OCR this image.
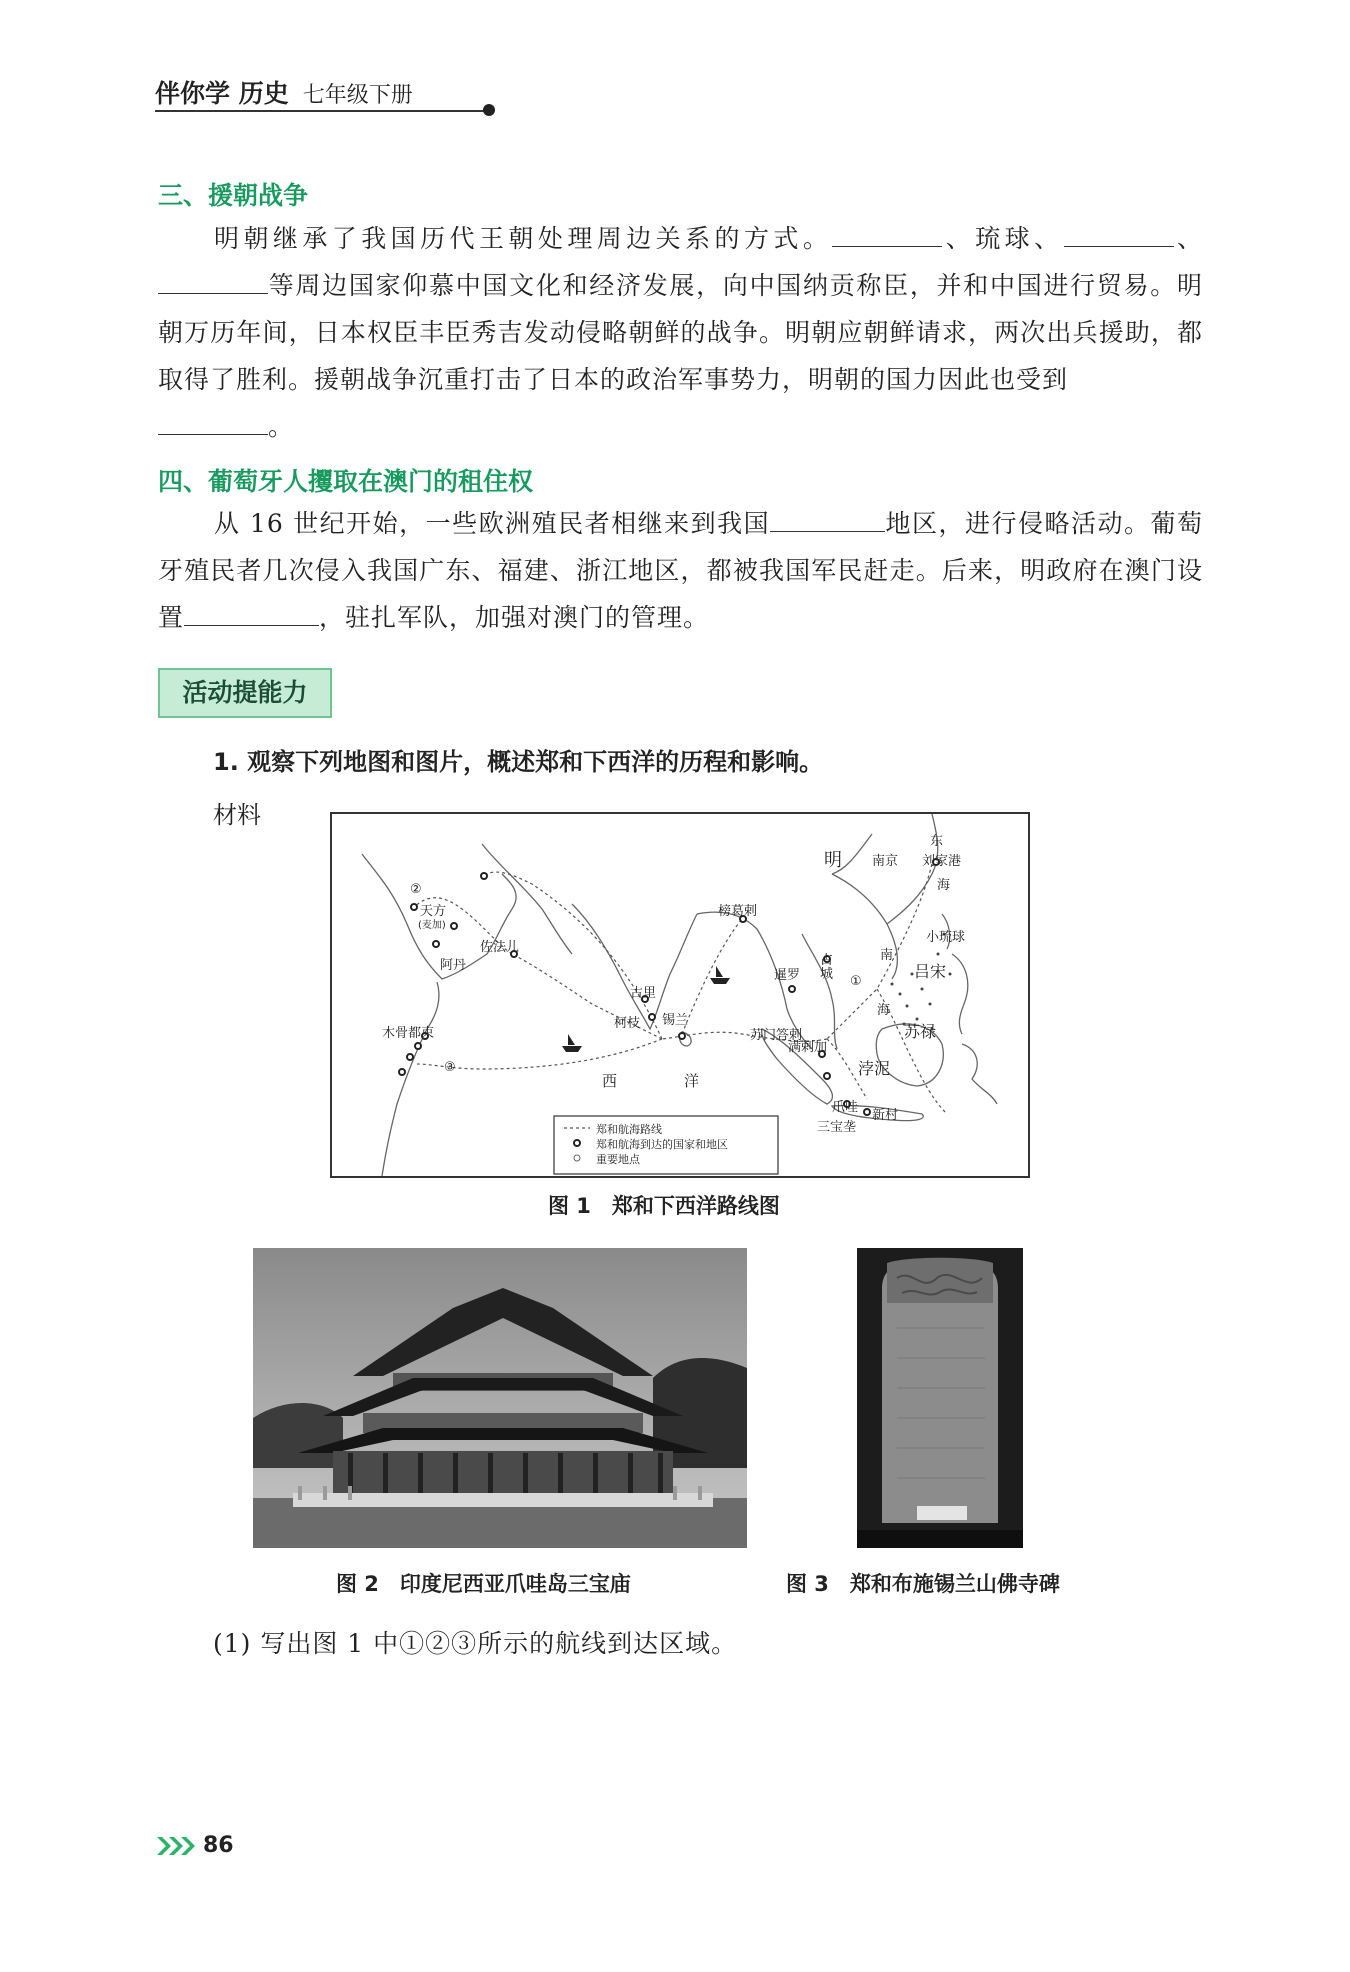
伴你学 历史 七年级下册
三、援朝战争

明朝继承了我国历代王朝处理周边关系的方式。	、琉球、	、等周边国家仰慕中国文化和经济发展，向中国纳贡称臣，并和中国进行贸易。明朝万历年间，日本权臣丰臣秀吉发动侵略朝鲜的战争。明朝应朝鲜请求，两次出兵援助，都取得了胜利。援朝战争沉重打击了日本的政治军事势力，明朝的国力因此也受到
。

四、葡萄牙人攫取在澳门的租住权

从 16 世纪开始，一些欧洲殖民者相继来到我国	地区，进行侵略活动。葡萄牙殖民者几次侵入我国广东、福建、浙江地区，都被我国军民赶走。后来，明政府在澳门设置	，驻扎军队，加强对澳门的管理。

活动提能力
1. 观察下列地图和图片，概述郑和下西洋的历程和影响。
材料
明 南京
东
刘家港
海
小琉球
南
吕宋
海
苏禄
浡泥
爪哇
新村
三宝垄
暹罗
占城 ①
满剌加
苏门答剌
榜葛剌
古里
柯枝 锡兰
佐法儿
②
天方
(麦加)
阿丹
木骨都束
③
西	洋
郑和航海路线
郑和航海到达的国家和地区
重要地点
图 1　郑和下西洋路线图
图 2　印度尼西亚爪哇岛三宝庙	图 3　郑和布施锡兰山佛寺碑
(1) 写出图 1 中①②③所示的航线到达区域。
86
